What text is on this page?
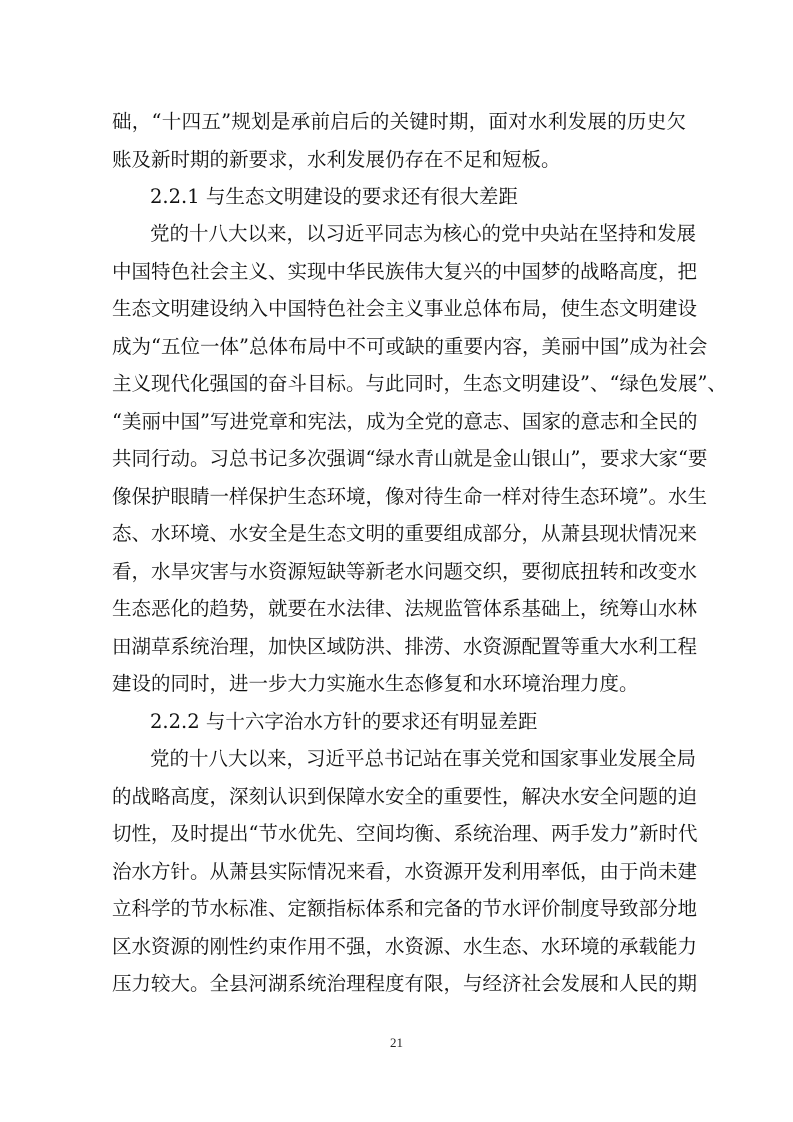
础，“十四五”规划是承前启后的关键时期，面对水利发展的历史欠
账及新时期的新要求，水利发展仍存在不足和短板。
2.2.1 与生态文明建设的要求还有很大差距
党的十八大以来，以习近平同志为核心的党中央站在坚持和发展
中国特色社会主义、实现中华民族伟大复兴的中国梦的战略高度，把
生态文明建设纳入中国特色社会主义事业总体布局，使生态文明建设
成为“五位一体”总体布局中不可或缺的重要内容，美丽中国”成为社会
主义现代化强国的奋斗目标。与此同时，生态文明建设”、“绿色发展”、
“美丽中国”写进党章和宪法，成为全党的意志、国家的意志和全民的
共同行动。习总书记多次强调“绿水青山就是金山银山”，要求大家“要
像保护眼睛一样保护生态环境，像对待生命一样对待生态环境”。水生
态、水环境、水安全是生态文明的重要组成部分，从萧县现状情况来
看，水旱灾害与水资源短缺等新老水问题交织，要彻底扭转和改变水
生态恶化的趋势，就要在水法律、法规监管体系基础上，统筹山水林
田湖草系统治理，加快区域防洪、排涝、水资源配置等重大水利工程
建设的同时，进一步大力实施水生态修复和水环境治理力度。
2.2.2 与十六字治水方针的要求还有明显差距
党的十八大以来，习近平总书记站在事关党和国家事业发展全局
的战略高度，深刻认识到保障水安全的重要性，解决水安全问题的迫
切性，及时提出“节水优先、空间均衡、系统治理、两手发力”新时代
治水方针。从萧县实际情况来看，水资源开发利用率低，由于尚未建
立科学的节水标准、定额指标体系和完备的节水评价制度导致部分地
区水资源的刚性约束作用不强，水资源、水生态、水环境的承载能力
压力较大。全县河湖系统治理程度有限，与经济社会发展和人民的期
21
